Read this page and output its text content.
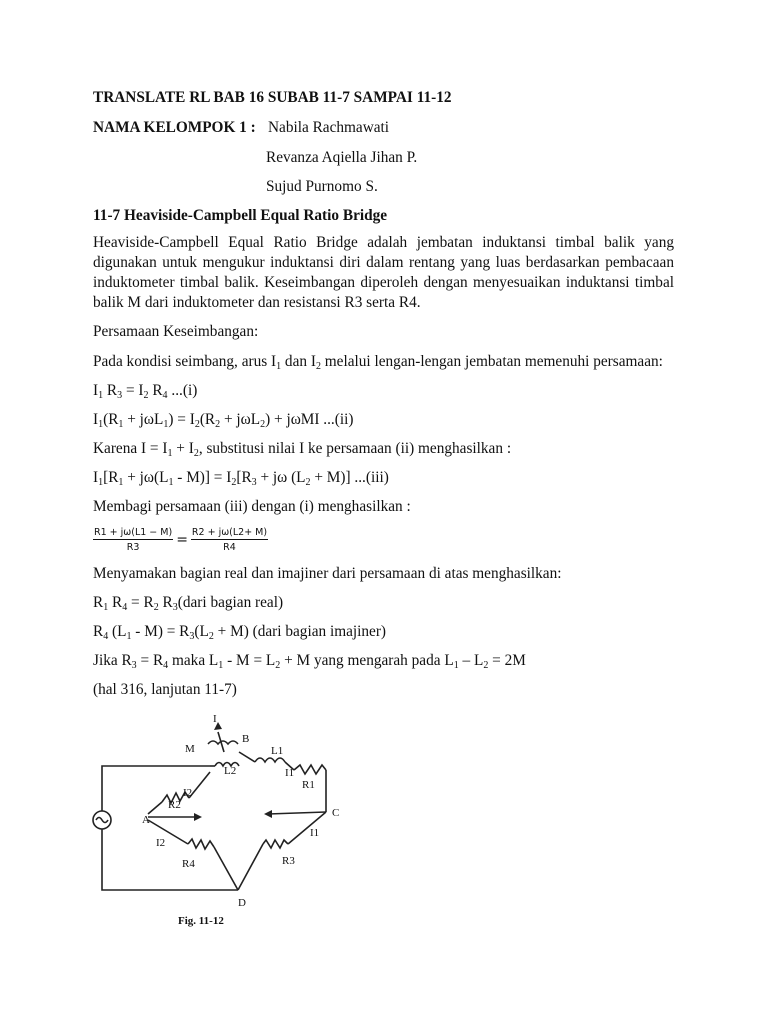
TRANSLATE RL BAB 16 SUBAB 11-7 SAMPAI 11-12
NAMA KELOMPOK 1 : Nabila Rachmawati
Revanza Aqiella Jihan P.
Sujud Purnomo S.
11-7 Heaviside-Campbell Equal Ratio Bridge
Heaviside-Campbell Equal Ratio Bridge adalah jembatan induktansi timbal balik yang digunakan untuk mengukur induktansi diri dalam rentang yang luas berdasarkan pembacaan induktometer timbal balik. Keseimbangan diperoleh dengan menyesuaikan induktansi timbal balik M dari induktometer dan resistansi R3 serta R4.
Persamaan Keseimbangan:
Pada kondisi seimbang, arus $I_1$ dan $I_2$ melalui lengan-lengan jembatan memenuhi persamaan:
$I_1$ $R_3 = I_2$ $R_4$ ...(i)
$I_1(R_1 + j\omega L_1) = I_2(R_2 + j\omega L_2) + j\omega MI$ ...(ii)
Karena $I = I_1 + I_2$, substitusi nilai I ke persamaan (ii) menghasilkan :
$I_1[R_1 + j\omega(L_1 - M)] = I_2[R_3 + j\omega$ $(L_2 + M)$] ...(iii)
Membagi persamaan (iii) dengan (i) menghasilkan :
$\frac{R1 + j\omega(L1 - M)}{R3} = \frac{R2 + j\omega(L2+ M)}{R4}$
Menyamakan bagian real dan imajiner dari persamaan di atas menghasilkan:
$R_1$ $R_4 = R_2$ $R_3(dari$ bagian real)
$R_4$ $(L_1 - M) = R_3(L_2 + M)$ (dari bagian imajiner)
Jika $R_3 = R_4$ maka $L_1 - M = L_2 + M$ yang mengarah pada $L_1 - L_2 = 2M$
(hal 316, lanjutan 11-7)
M
I
B
L1
L2	I1
R1
I2
R2
A
C
I1
I2
R4	R3
D
Fig. 11-12
